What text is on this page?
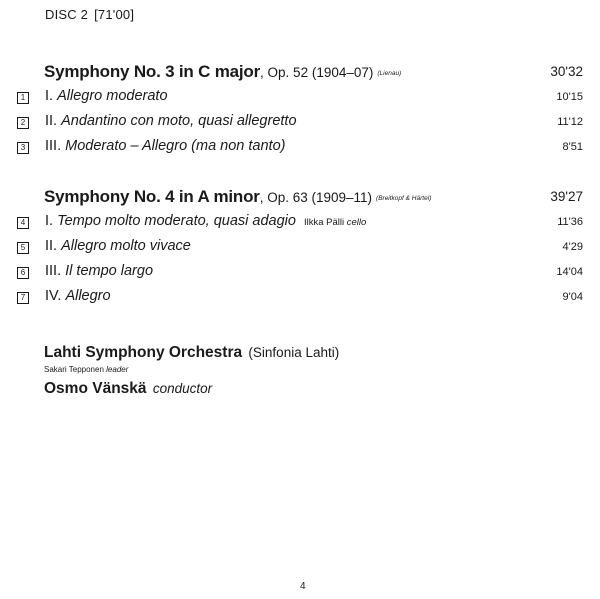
DISC 2 [71'00]
Symphony No. 3 in C major, Op. 52 (1904–07) (Lienau)	30'32
1 I. Allegro moderato	10'15
2 II. Andantino con moto, quasi allegretto	11'12
3 III. Moderato – Allegro (ma non tanto)	8'51
Symphony No. 4 in A minor, Op. 63 (1909–11) (Breitkopf & Härtel)	39'27
4 I. Tempo molto moderato, quasi adagio Ilkka Pälli cello	11'36
5 II. Allegro molto vivace	4'29
6 III. Il tempo largo	14'04
7 IV. Allegro	9'04
Lahti Symphony Orchestra (Sinfonia Lahti)
Sakari Tepponen leader
Osmo Vänskä conductor
4
